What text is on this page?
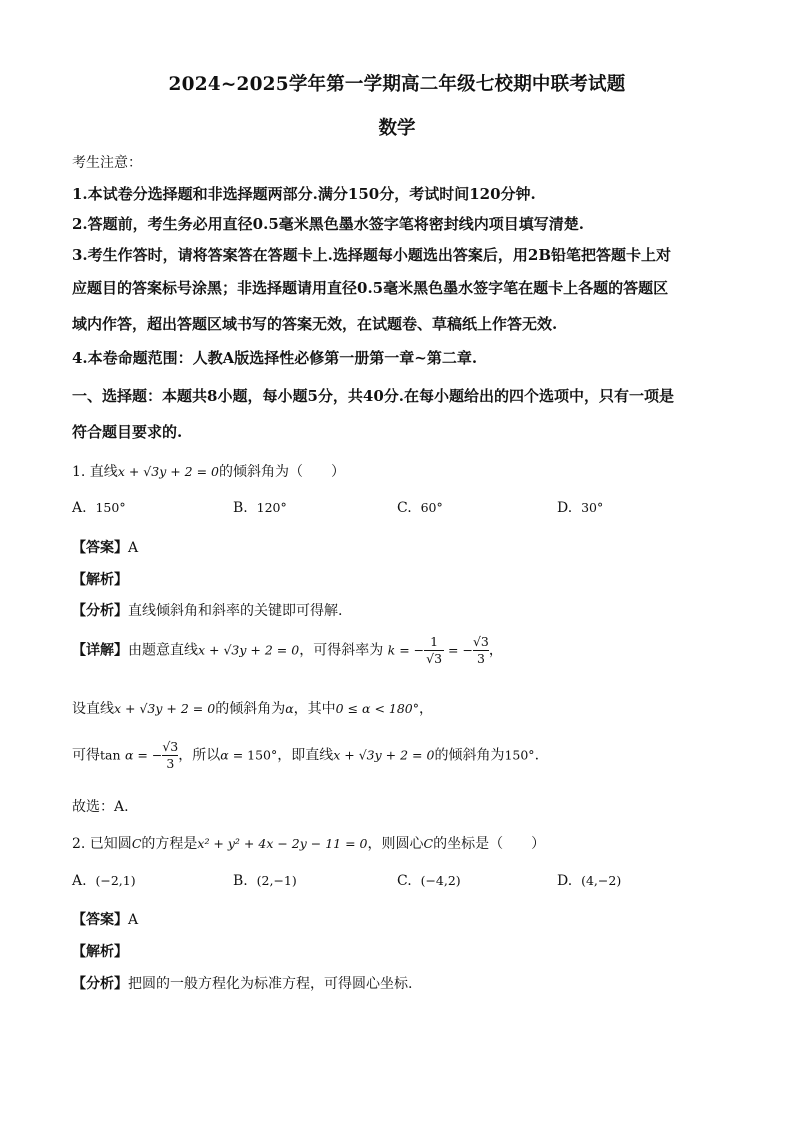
2024~2025学年第一学期高二年级七校期中联考试题
数学
考生注意：
1.本试卷分选择题和非选择题两部分.满分150分，考试时间120分钟.
2.答题前，考生务必用直径0.5毫米黑色墨水签字笔将密封线内项目填写清楚.
3.考生作答时，请将答案答在答题卡上.选择题每小题选出答案后，用2B铅笔把答题卡上对
应题目的答案标号涂黑；非选择题请用直径0.5毫米黑色墨水签字笔在题卡上各题的答题区
域内作答，超出答题区域书写的答案无效，在试题卷、草稿纸上作答无效.
4.本卷命题范围：人教A版选择性必修第一册第一章~第二章.
一、选择题：本题共8小题，每小题5分，共40分.在每小题给出的四个选项中，只有一项是
符合题目要求的.
1. 直线x + √3y + 2 = 0的倾斜角为（　　）
A. 150°	B. 120°	C. 60°	D. 30°
【答案】A
【解析】
【分析】直线倾斜角和斜率的关键即可得解.
【详解】由题意直线x + √3y + 2 = 0，可得斜率为 k = − $\frac{1}{√3}$ = − $\frac{√3}{3}$ ，
设直线x + √3y + 2 = 0的倾斜角为α，其中0 ≤ α < 180°，
可得tan α = − $\frac{√3}{3}$ ，所以α = 150°，即直线x + √3y + 2 = 0的倾斜角为150°.
故选：A.
2. 已知圆C的方程是x² + y² + 4x − 2y − 11 = 0，则圆心C的坐标是（　　）
A. (−2,1)	B. (2,−1)	C. (−4,2)	D. (4,−2)
【答案】A
【解析】
【分析】把圆的一般方程化为标准方程，可得圆心坐标.
